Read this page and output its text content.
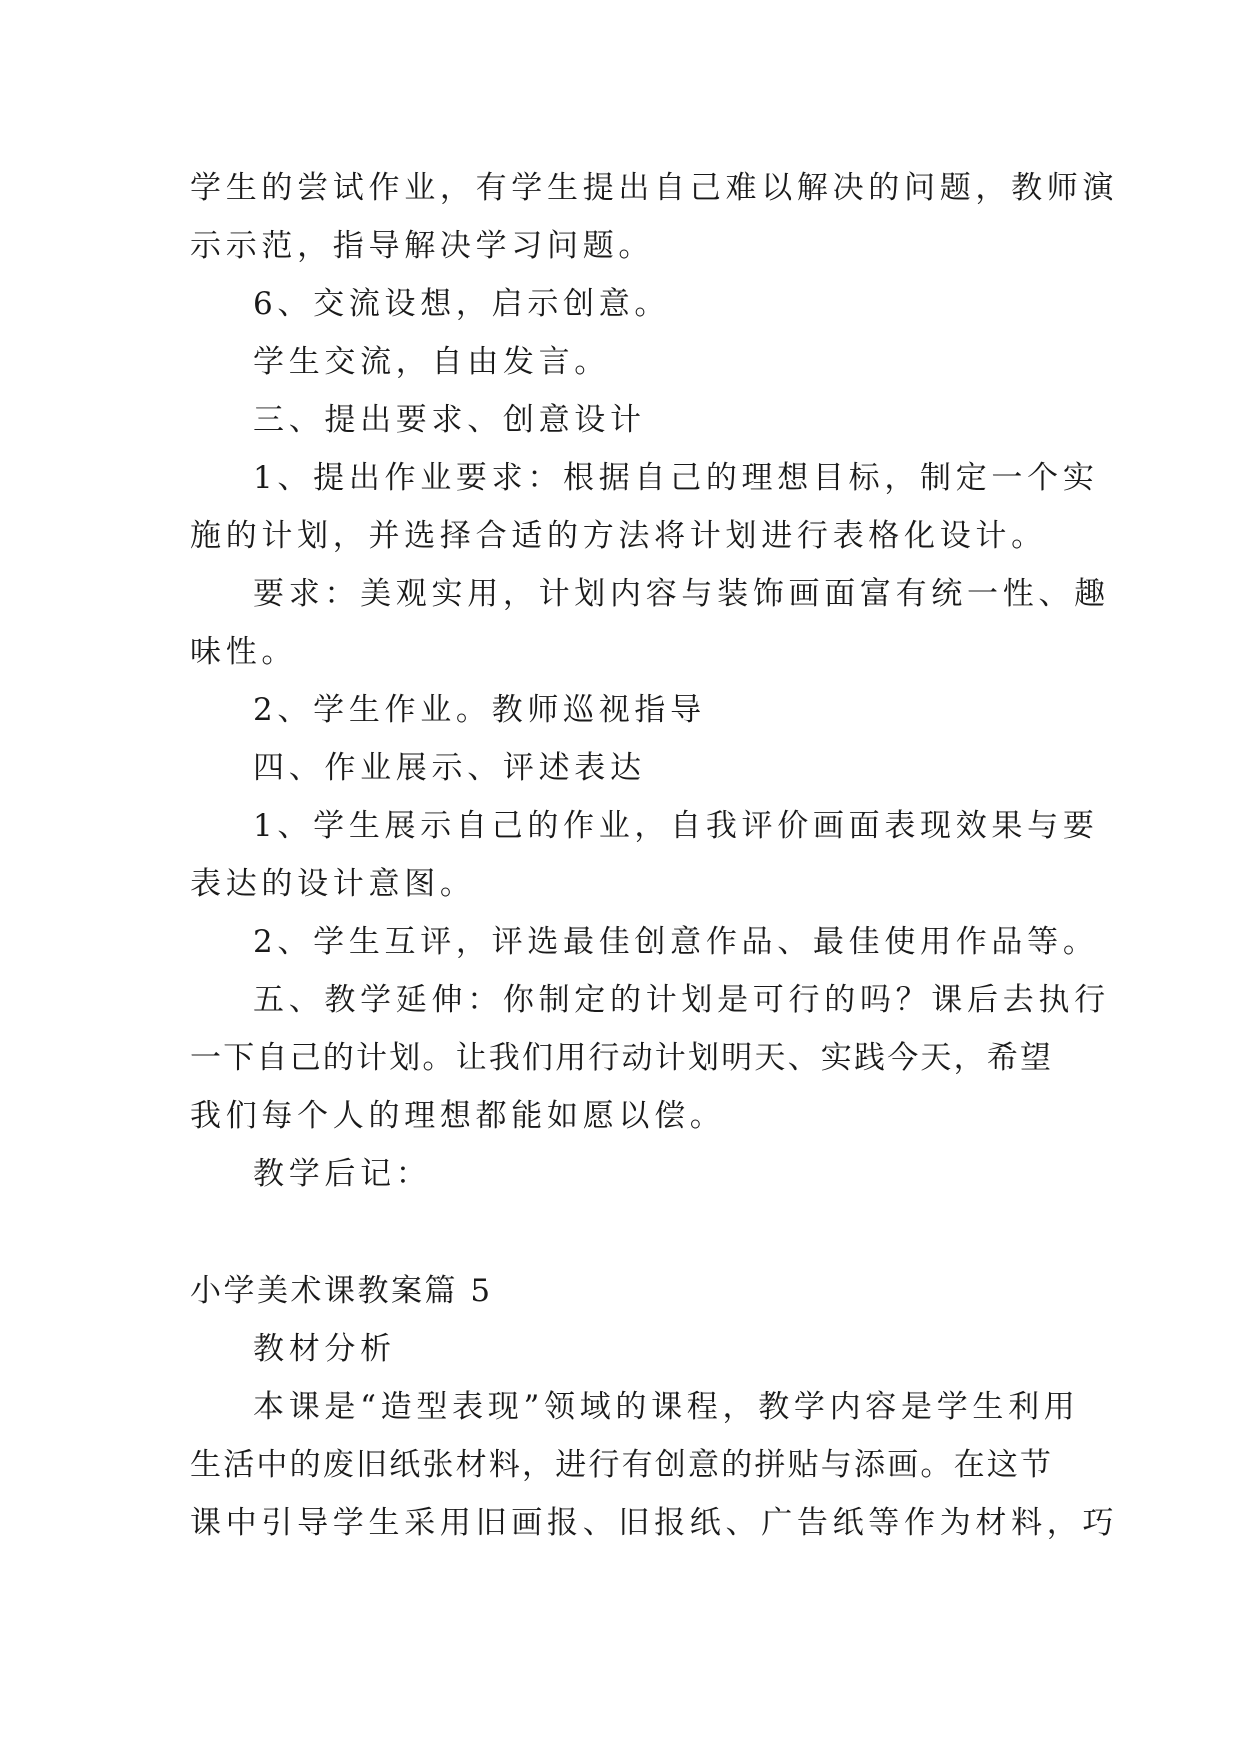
学生的尝试作业，有学生提出自己难以解决的问题，教师演
示示范，指导解决学习问题。
6、交流设想，启示创意。
学生交流，自由发言。
三、提出要求、创意设计
1、提出作业要求：根据自己的理想目标，制定一个实
施的计划，并选择合适的方法将计划进行表格化设计。
要求：美观实用，计划内容与装饰画面富有统一性、趣
味性。
2、学生作业。教师巡视指导
四、作业展示、评述表达
1、学生展示自己的作业，自我评价画面表现效果与要
表达的设计意图。
2、学生互评，评选最佳创意作品、最佳使用作品等。
五、教学延伸：你制定的计划是可行的吗？课后去执行
一下自己的计划。让我们用行动计划明天、实践今天，希望
我们每个人的理想都能如愿以偿。
教学后记：
小学美术课教案篇 5
教材分析
本课是“造型表现”领域的课程，教学内容是学生利用
生活中的废旧纸张材料，进行有创意的拼贴与添画。在这节
课中引导学生采用旧画报、旧报纸、广告纸等作为材料，巧
